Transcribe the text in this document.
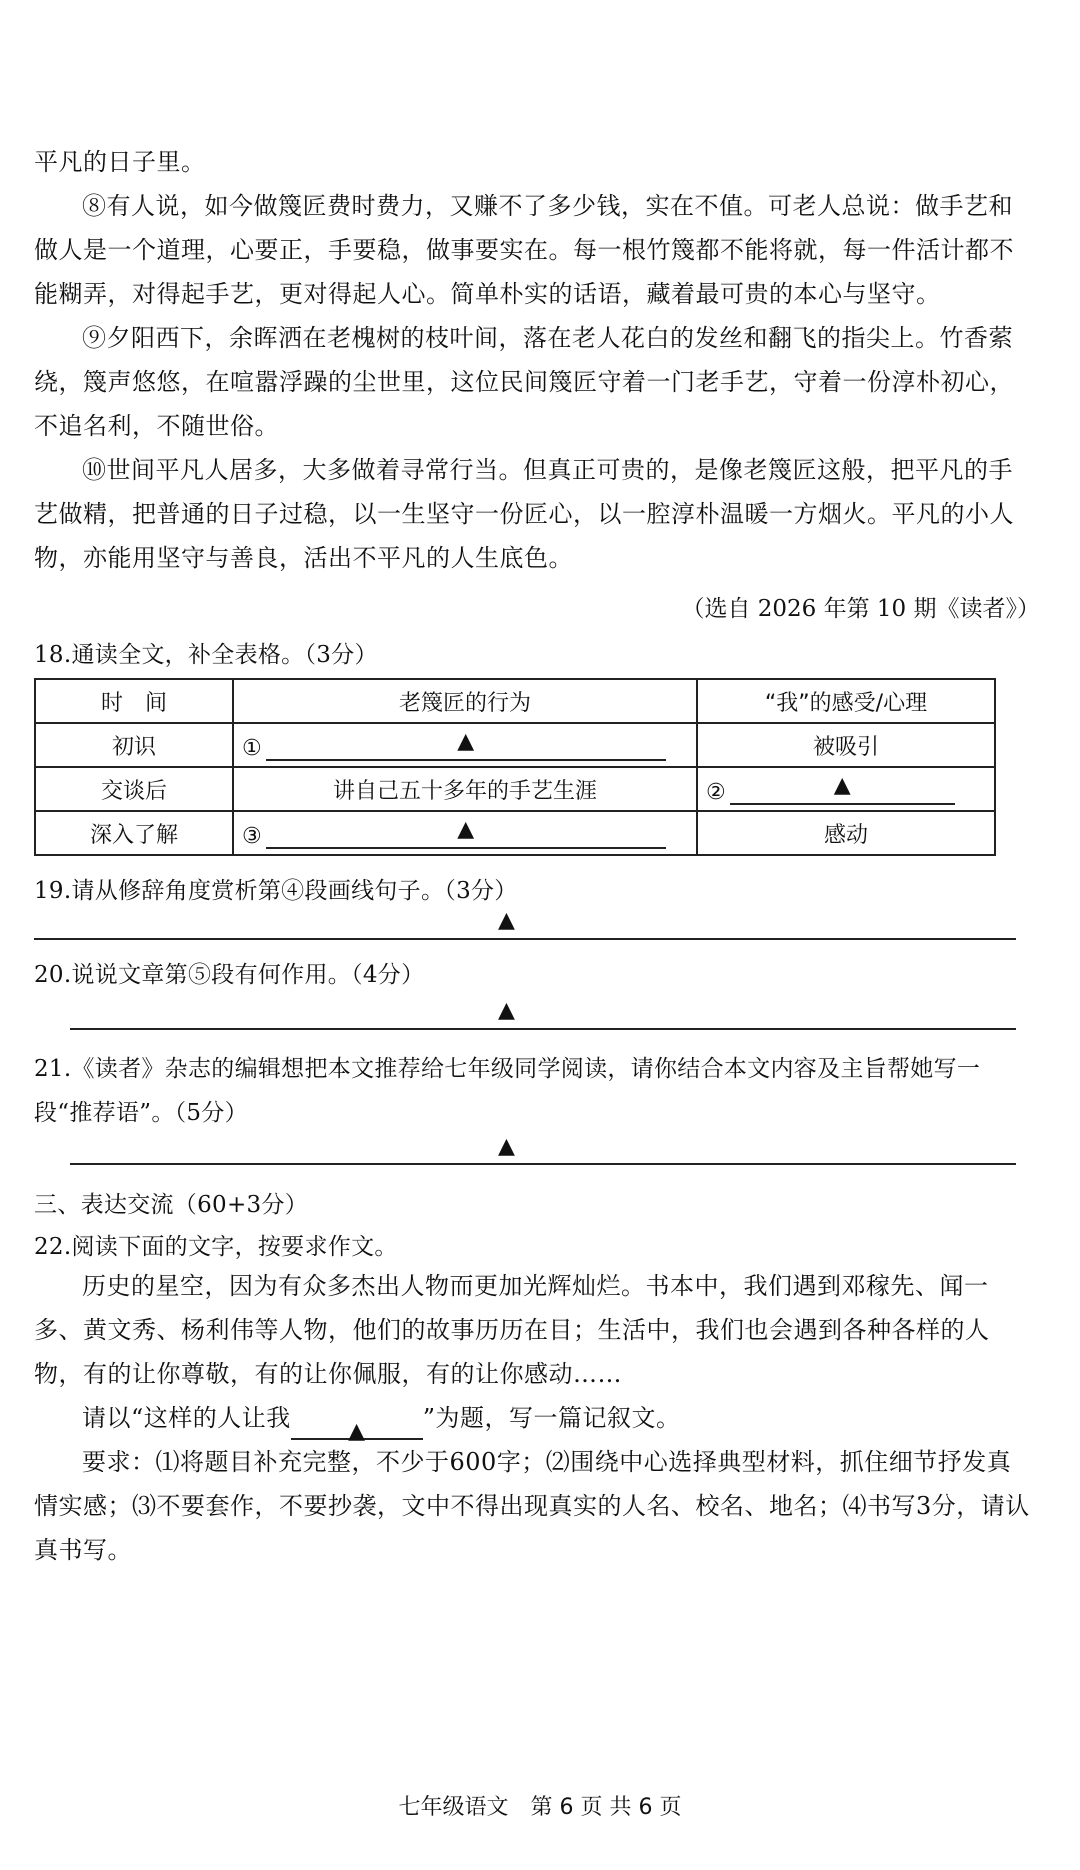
平凡的日子里。

⑧有人说，如今做篾匠费时费力，又赚不了多少钱，实在不值。可老人总说：做手艺和做人是一个道理，心要正，手要稳，做事要实在。每一根竹篾都不能将就，每一件活计都不能糊弄，对得起手艺，更对得起人心。简单朴实的话语，藏着最可贵的本心与坚守。

⑨夕阳西下，余晖洒在老槐树的枝叶间，落在老人花白的发丝和翻飞的指尖上。竹香萦绕，篾声悠悠，在喧嚣浮躁的尘世里，这位民间篾匠守着一门老手艺，守着一份淳朴初心，不追名利，不随世俗。

⑩世间平凡人居多，大多做着寻常行当。但真正可贵的，是像老篾匠这般，把平凡的手艺做精，把普通的日子过稳，以一生坚守一份匠心，以一腔淳朴温暖一方烟火。平凡的小人物，亦能用坚守与善良，活出不平凡的人生底色。

（选自 2026 年第 10 期《读者》）

18.通读全文，补全表格。（3分）

时　间	老篾匠的行为	“我”的感受/心理
初识	① ▲	被吸引
交谈后	讲自己五十多年的手艺生涯	② ▲

深入了解	③ ▲	感动

19.请从修辞角度赏析第④段画线句子。（3分）

▲

20.说说文章第⑤段有何作用。（4分）

▲

21.《读者》杂志的编辑想把本文推荐给七年级同学阅读，请你结合本文内容及主旨帮她写一

段“推荐语”。（5分）

▲

三、表达交流（60+3分）

22.阅读下面的文字，按要求作文。

历史的星空，因为有众多杰出人物而更加光辉灿烂。书本中，我们遇到邓稼先、闻一多、黄文秀、杨利伟等人物，他们的故事历历在目；生活中，我们也会遇到各种各样的人物，有的让你尊敬，有的让你佩服，有的让你感动……

请以“这样的人让我	▲ ”为题，写一篇记叙文。

要求：⑴将题目补充完整，不少于600字；⑵围绕中心选择典型材料，抓住细节抒发真情实感；⑶不要套作，不要抄袭，文中不得出现真实的人名、校名、地名；⑷书写3分，请认真书写。

七年级语文　第 6 页 共 6 页
